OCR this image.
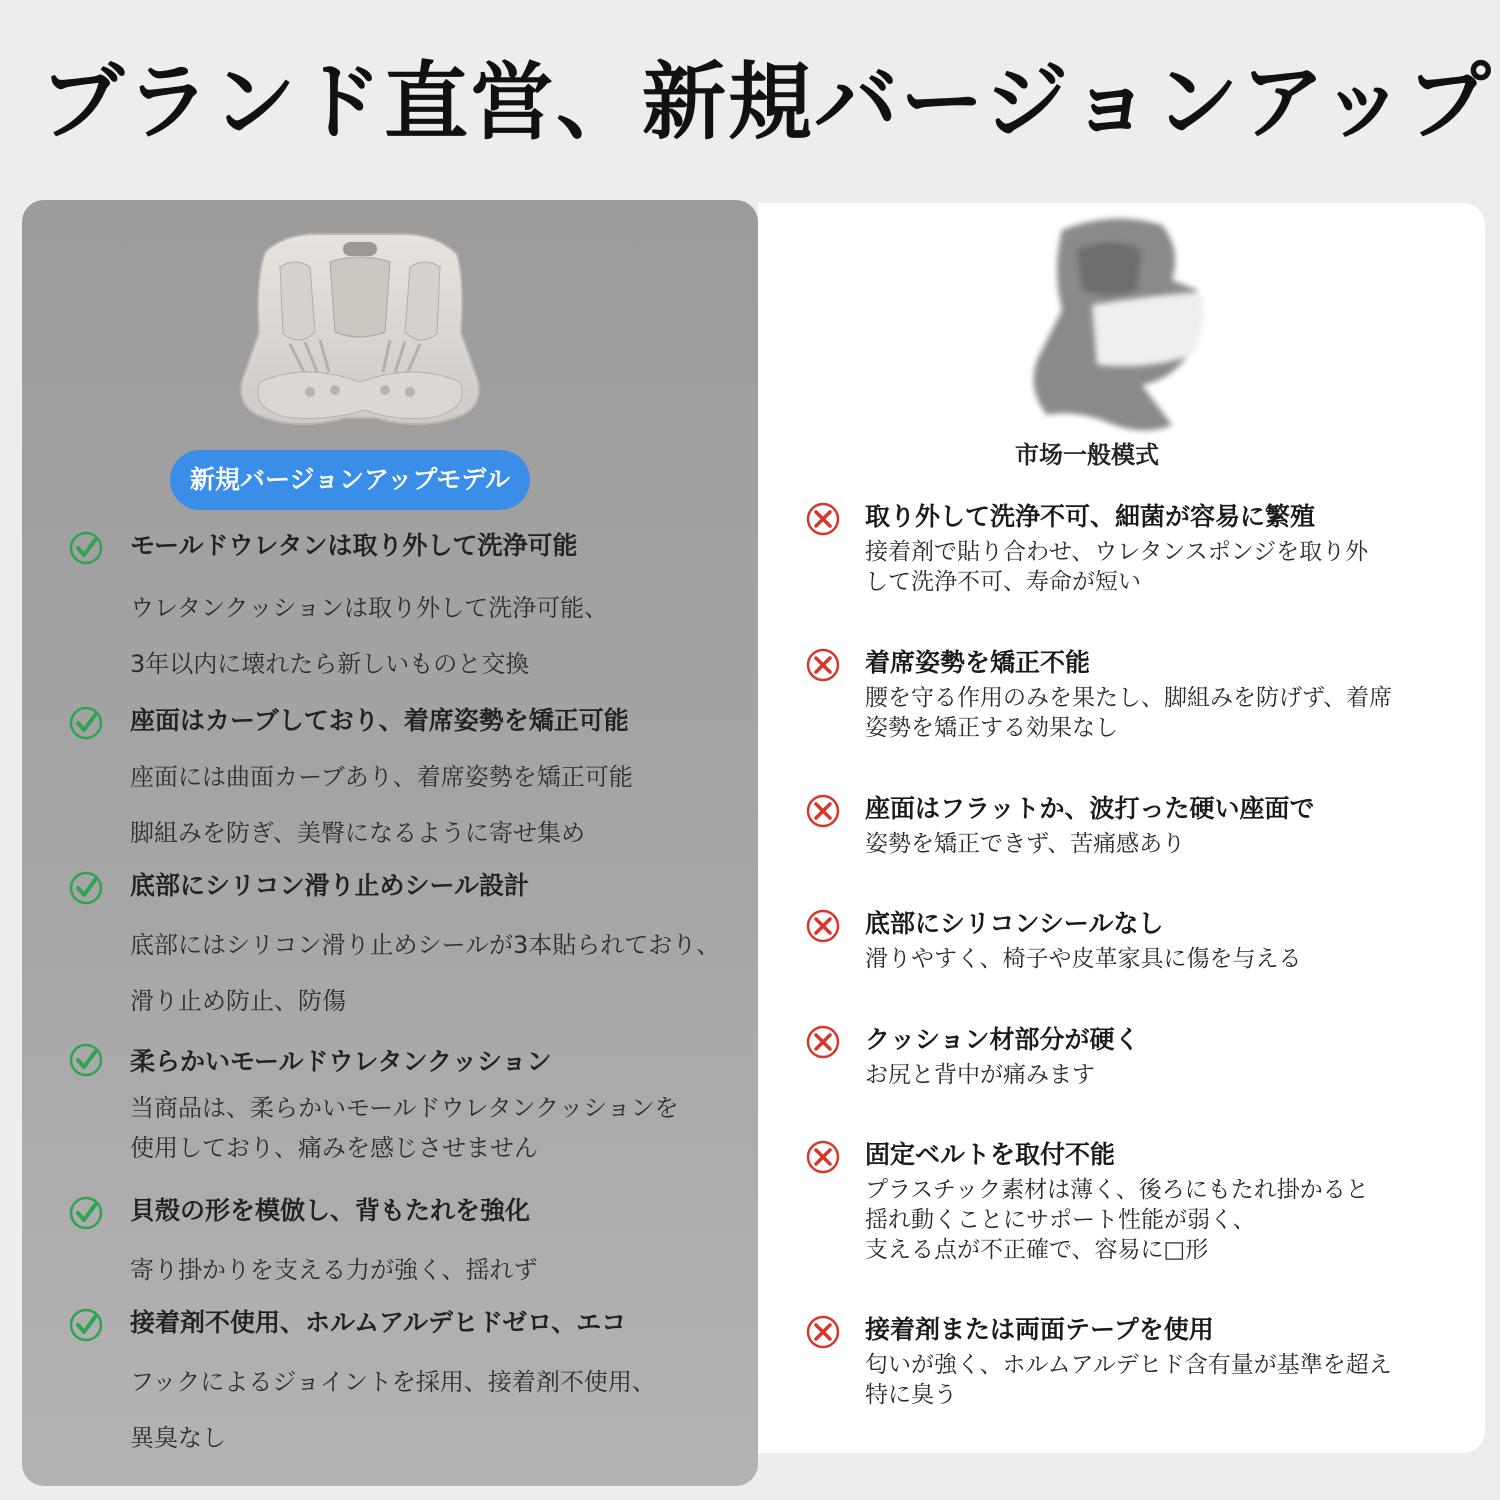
ブランド直営、新規バージョンアップ
新規バージョンアップモデル
市场一般模式
モールドウレタンは取り外して洗浄可能
ウレタンクッションは取り外して洗浄可能、
3年以内に壊れたら新しいものと交換
座面はカーブしており、着席姿勢を矯正可能
座面には曲面カーブあり、着席姿勢を矯正可能
脚組みを防ぎ、美臀になるように寄せ集め
底部にシリコン滑り止めシール設計
底部にはシリコン滑り止めシールが3本貼られており、
滑り止め防止、防傷
柔らかいモールドウレタンクッション
当商品は、柔らかいモールドウレタンクッションを
使用しており、痛みを感じさせません
貝殻の形を模倣し、背もたれを強化
寄り掛かりを支える力が強く、揺れず
接着剤不使用、ホルムアルデヒドゼロ、エコ
フックによるジョイントを採用、接着剤不使用、
異臭なし
取り外して洗浄不可、細菌が容易に繁殖
接着剤で貼り合わせ、ウレタンスポンジを取り外
して洗浄不可、寿命が短い
着席姿勢を矯正不能
腰を守る作用のみを果たし、脚組みを防げず、着席
姿勢を矯正する効果なし
座面はフラットか、波打った硬い座面で
姿勢を矯正できず、苦痛感あり
底部にシリコンシールなし
滑りやすく、椅子や皮革家具に傷を与える
クッション材部分が硬く
お尻と背中が痛みます
固定ベルトを取付不能
プラスチック素材は薄く、後ろにもたれ掛かると
揺れ動くことにサポート性能が弱く、
支える点が不正確で、容易に□形
接着剤または両面テープを使用
匂いが強く、ホルムアルデヒド含有量が基準を超え
特に臭う
